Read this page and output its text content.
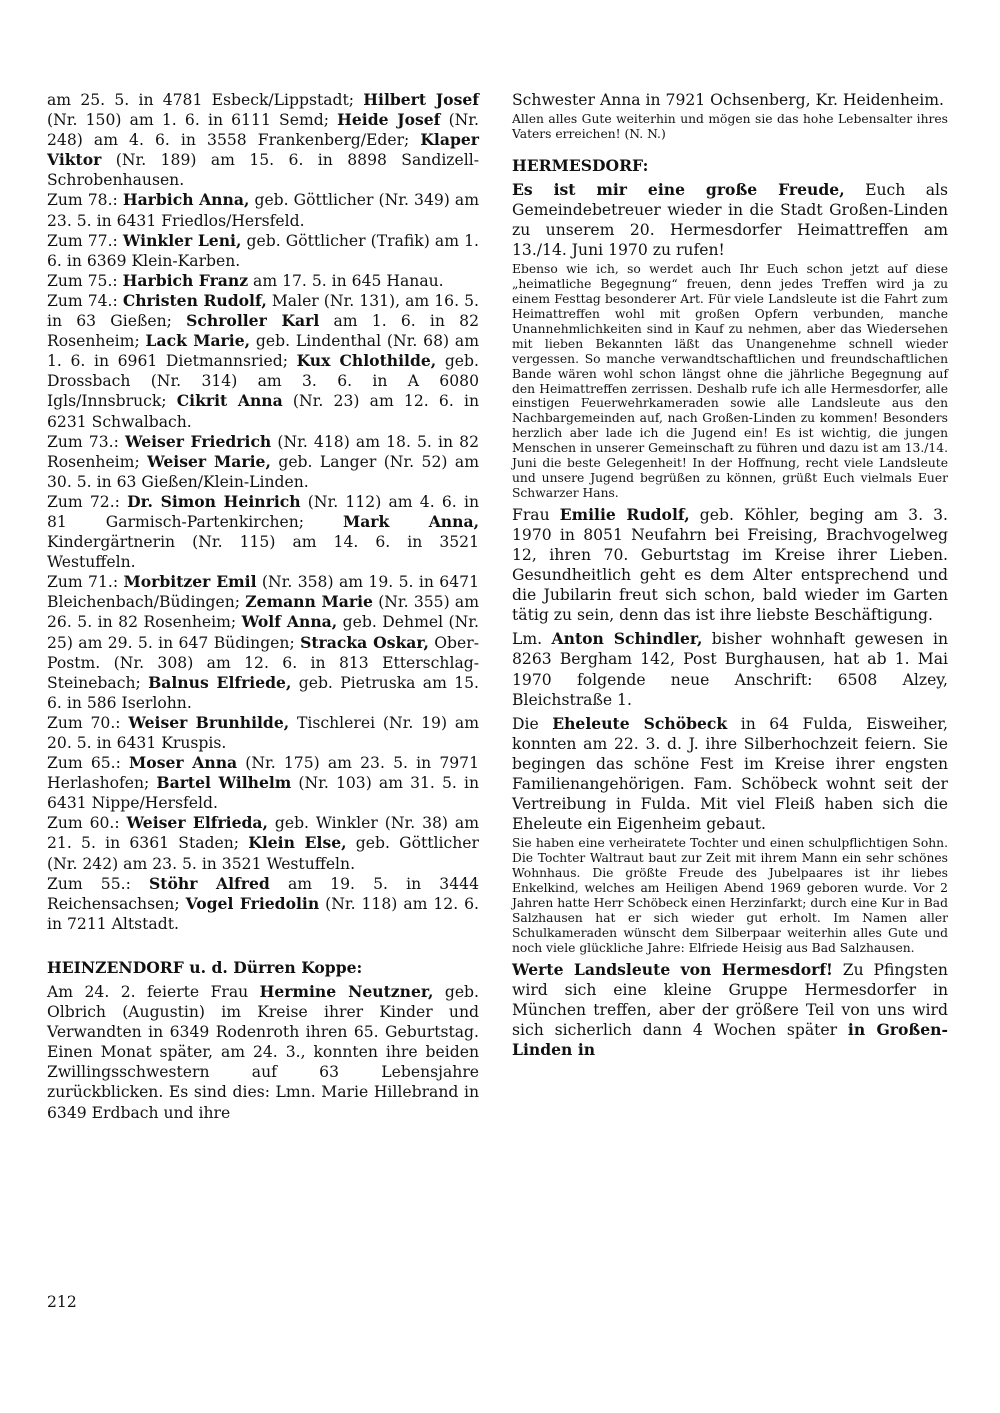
am 25. 5. in 4781 Esbeck/Lippstadt; Hilbert Josef (Nr. 150) am 1. 6. in 6111 Semd; Heide Josef (Nr. 248) am 4. 6. in 3558 Frankenberg/Eder; Klaper Viktor (Nr. 189) am 15. 6. in 8898 Sandizell-Schrobenhausen.

Zum 78.: Harbich Anna, geb. Göttlicher (Nr. 349) am 23. 5. in 6431 Friedlos/Hersfeld.

Zum 77.: Winkler Leni, geb. Göttlicher (Trafik) am 1. 6. in 6369 Klein-Karben.

Zum 75.: Harbich Franz am 17. 5. in 645 Hanau.

Zum 74.: Christen Rudolf, Maler (Nr. 131), am 16. 5. in 63 Gießen; Schroller Karl am 1. 6. in 82 Rosenheim; Lack Marie, geb. Lindenthal (Nr. 68) am 1. 6. in 6961 Dietmannsried; Kux Chlothilde, geb. Drossbach (Nr. 314) am 3. 6. in A 6080 Igls/Innsbruck; Cikrit Anna (Nr. 23) am 12. 6. in 6231 Schwalbach.

Zum 73.: Weiser Friedrich (Nr. 418) am 18. 5. in 82 Rosenheim; Weiser Marie, geb. Langer (Nr. 52) am 30. 5. in 63 Gießen/Klein-Linden.

Zum 72.: Dr. Simon Heinrich (Nr. 112) am 4. 6. in 81 Garmisch-Partenkirchen; Mark Anna, Kindergärtnerin (Nr. 115) am 14. 6. in 3521 Westuffeln.

Zum 71.: Morbitzer Emil (Nr. 358) am 19. 5. in 6471 Bleichenbach/Büdingen; Zemann Marie (Nr. 355) am 26. 5. in 82 Rosenheim; Wolf Anna, geb. Dehmel (Nr. 25) am 29. 5. in 647 Büdingen; Stracka Oskar, Ober-Postm. (Nr. 308) am 12. 6. in 813 Etterschlag-Steinebach; Balnus Elfriede, geb. Pietruska am 15. 6. in 586 Iserlohn.

Zum 70.: Weiser Brunhilde, Tischlerei (Nr. 19) am 20. 5. in 6431 Kruspis.

Zum 65.: Moser Anna (Nr. 175) am 23. 5. in 7971 Herlashofen; Bartel Wilhelm (Nr. 103) am 31. 5. in 6431 Nippe/Hersfeld.

Zum 60.: Weiser Elfrieda, geb. Winkler (Nr. 38) am 21. 5. in 6361 Staden; Klein Else, geb. Göttlicher (Nr. 242) am 23. 5. in 3521 Westuffeln.

Zum 55.: Stöhr Alfred am 19. 5. in 3444 Reichensachsen; Vogel Friedolin (Nr. 118) am 12. 6. in 7211 Altstadt.

HEINZENDORF u. d. Dürren Koppe:

Am 24. 2. feierte Frau Hermine Neutzner, geb. Olbrich (Augustin) im Kreise ihrer Kinder und Verwandten in 6349 Rodenroth ihren 65. Geburtstag. Einen Monat später, am 24. 3., konnten ihre beiden Zwillingsschwestern auf 63 Lebensjahre zurückblicken. Es sind dies: Lmn. Marie Hillebrand in 6349 Erdbach und ihre

Schwester Anna in 7921 Ochsenberg, Kr. Heidenheim.

Allen alles Gute weiterhin und mögen sie das hohe Lebensalter ihres Vaters erreichen! (N. N.)

HERMESDORF:

Es ist mir eine große Freude, Euch als Gemeindebetreuer wieder in die Stadt Großen-Linden zu unserem 20. Hermesdorfer Heimattreffen am 13./14. Juni 1970 zu rufen!

Ebenso wie ich, so werdet auch Ihr Euch schon jetzt auf diese „heimatliche Begegnung“ freuen, denn jedes Treffen wird ja zu einem Festtag besonderer Art. Für viele Landsleute ist die Fahrt zum Heimattreffen wohl mit großen Opfern verbunden, manche Unannehmlichkeiten sind in Kauf zu nehmen, aber das Wiedersehen mit lieben Bekannten läßt das Unangenehme schnell wieder vergessen. So manche verwandtschaftlichen und freundschaftlichen Bande wären wohl schon längst ohne die jährliche Begegnung auf den Heimattreffen zerrissen. Deshalb rufe ich alle Hermesdorfer, alle einstigen Feuerwehrkameraden sowie alle Landsleute aus den Nachbargemeinden auf, nach Großen-Linden zu kommen! Besonders herzlich aber lade ich die Jugend ein! Es ist wichtig, die jungen Menschen in unserer Gemeinschaft zu führen und dazu ist am 13./14. Juni die beste Gelegenheit! In der Hoffnung, recht viele Landsleute und unsere Jugend begrüßen zu können, grüßt Euch vielmals Euer Schwarzer Hans.

Frau Emilie Rudolf, geb. Köhler, beging am 3. 3. 1970 in 8051 Neufahrn bei Freising, Brachvogelweg 12, ihren 70. Geburtstag im Kreise ihrer Lieben. Gesundheitlich geht es dem Alter entsprechend und die Jubilarin freut sich schon, bald wieder im Garten tätig zu sein, denn das ist ihre liebste Beschäftigung.

Lm. Anton Schindler, bisher wohnhaft gewesen in 8263 Bergham 142, Post Burghausen, hat ab 1. Mai 1970 folgende neue Anschrift: 6508 Alzey, Bleichstraße 1.

Die Eheleute Schöbeck in 64 Fulda, Eisweiher, konnten am 22. 3. d. J. ihre Silberhochzeit feiern. Sie begingen das schöne Fest im Kreise ihrer engsten Familienangehörigen. Fam. Schöbeck wohnt seit der Vertreibung in Fulda. Mit viel Fleiß haben sich die Eheleute ein Eigenheim gebaut.

Sie haben eine verheiratete Tochter und einen schulpflichtigen Sohn. Die Tochter Waltraut baut zur Zeit mit ihrem Mann ein sehr schönes Wohnhaus. Die größte Freude des Jubelpaares ist ihr liebes Enkelkind, welches am Heiligen Abend 1969 geboren wurde. Vor 2 Jahren hatte Herr Schöbeck einen Herzinfarkt; durch eine Kur in Bad Salzhausen hat er sich wieder gut erholt. Im Namen aller Schulkameraden wünscht dem Silberpaar weiterhin alles Gute und noch viele glückliche Jahre: Elfriede Heisig aus Bad Salzhausen.

Werte Landsleute von Hermesdorf! Zu Pfingsten wird sich eine kleine Gruppe Hermesdorfer in München treffen, aber der größere Teil von uns wird sich sicherlich dann 4 Wochen später in Großen-Linden in

212
